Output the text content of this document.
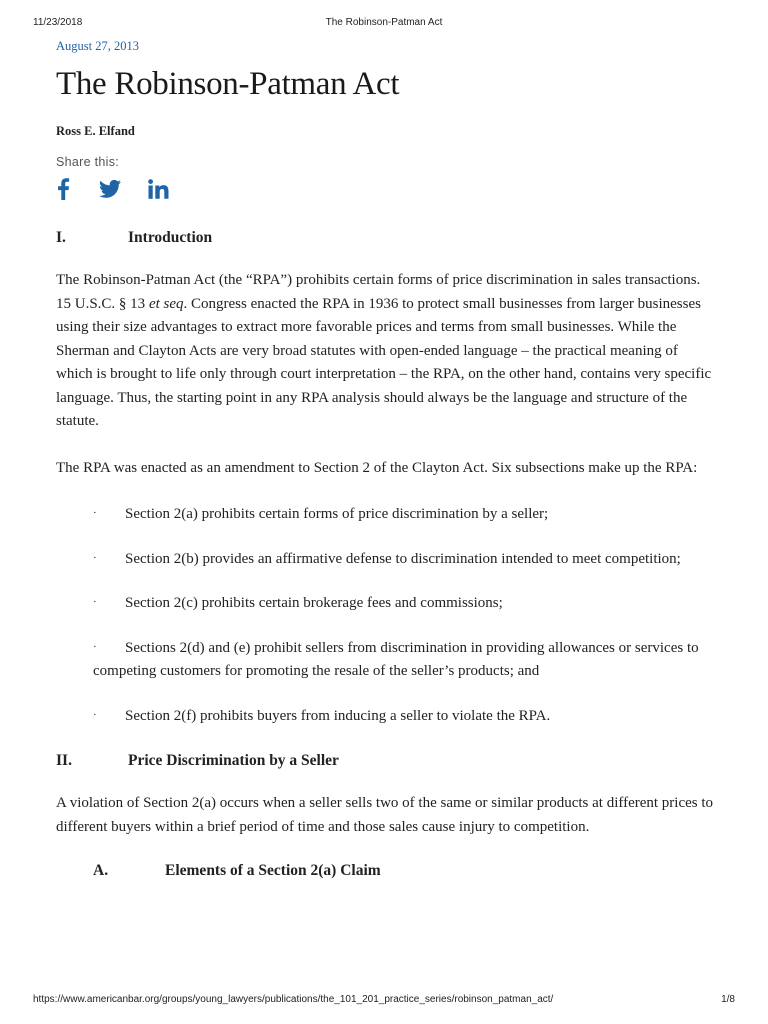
11/23/2018	The Robinson-Patman Act
August 27, 2013
The Robinson-Patman Act
Ross E. Elfand
Share this:
I.	Introduction

The Robinson-Patman Act (the “RPA”) prohibits certain forms of price discrimination in sales transactions. 15 U.S.C. § 13 et seq. Congress enacted the RPA in 1936 to protect small businesses from larger businesses using their size advantages to extract more favorable prices and terms from small businesses. While the Sherman and Clayton Acts are very broad statutes with open-ended language – the practical meaning of which is brought to life only through court interpretation – the RPA, on the other hand, contains very specific language. Thus, the starting point in any RPA analysis should always be the language and structure of the statute.

The RPA was enacted as an amendment to Section 2 of the Clayton Act. Six subsections make up the RPA:

· Section 2(a) prohibits certain forms of price discrimination by a seller;

· Section 2(b) provides an affirmative defense to discrimination intended to meet competition;

· Section 2(c) prohibits certain brokerage fees and commissions;

· Sections 2(d) and (e) prohibit sellers from discrimination in providing allowances or services to competing customers for promoting the resale of the seller’s products; and

· Section 2(f) prohibits buyers from inducing a seller to violate the RPA.

II.	Price Discrimination by a Seller

A violation of Section 2(a) occurs when a seller sells two of the same or similar products at different prices to different buyers within a brief period of time and those sales cause injury to competition.

A.	Elements of a Section 2(a) Claim
https://www.americanbar.org/groups/young_lawyers/publications/the_101_201_practice_series/robinson_patman_act/	1/8
